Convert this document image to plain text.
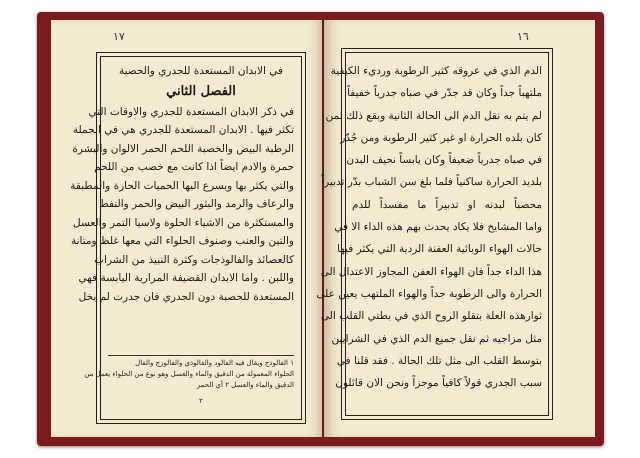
١٧
في الابدان المستعدة للجدري والحصبة
الفصل الثاني
في ذكر الابدان المستعدة للجدري والاوقات التي
تكثر فيها . الابدان المستعدة للجدري هي في الجملة
الرطبة البيض والخصبة اللحم الحمر الالوان والبشرة
حمرة والادم ايضاً اذا كانت مع خصب من اللحم
والتي يكثر بها ويسرع اليها الحميات الحارة والمطبقة
والرعاف والرمد والبثور البيض والحمر والنفط
والمستكثرة من الاشياء الحلوة ولاسيا التمر والعسل
والتين والعنب وصنوف الحلواء التي معها غلظ ومتانة
كالعصائد والفالوذجات وكثرة النبيذ من الشراب
واللبن . واما الابدان القضيفة المرارية اليابسة فهي
المستعدة للحصبة دون الجدري فان جدرت لم يخل
١ الفالوذج ويقال فيه الفالود والفالوذي والفالوزج والفال
الحلواء المعمولة من الدقيق والماء والعسل وهو نوع من الحلواء يعمل من
الدقيق والماء والعسل ٢ أي الحمر
٢
١٦
الدم الذي في عروقه كثير الرطوبة ورديء الكيفية
ملتهباً جداً وكان قد جدّر في صباه جدرياً خفيفاً
لم يتم به نقل الدم الى الحالة الثانية وبقع ذلك لمن
كان بلده الحرارة او غير كثير الرطوبة ومن جُدّر
في صباه جدرياً ضعيفاً وكان يابساً نحيف البدن
بلديد الحرارة ساكنياً فلما بلغ سن الشباب بدّر تدبيراً
محصباً لبدنه او تدبيراً ما مفسداً للدم
واما المشايخ فلا يكاد يحدث بهم هذه الداء الا في
حالات الهواء الوبائية العفنة الردية التي يكثر فيها
هذا الداء جداً فان الهواء العفن المجاوز الاعتدال الى
الحرارة والى الرطوبة جداً والهواء الملتهب يعين على
ثوارهذه العلة بتقلو الروح الذي في بطني القلب الى
مثل مزاجيه ثم نقل جميع الدم الذي في الشرايين
بتوسط القلب الى مثل تلك الحالة . فقد قلنا في
سبب الجدري قولاً كافياً موجزاً ونحن الان قائلون
